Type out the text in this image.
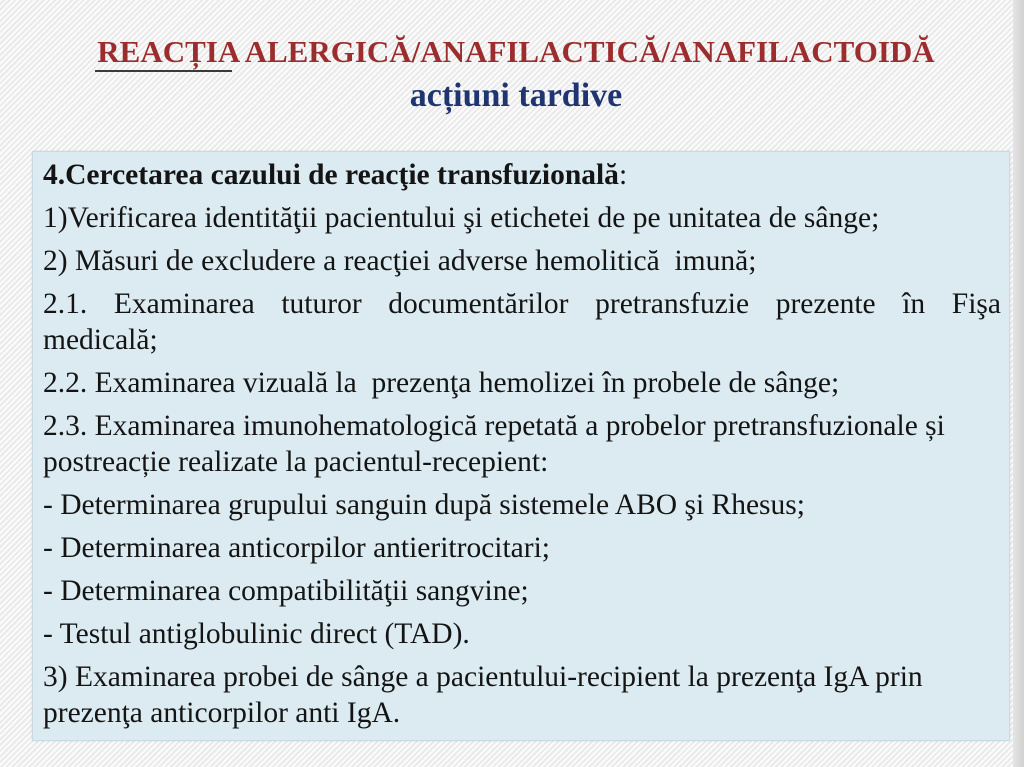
REACȚIA ALERGICĂ/ANAFILACTICĂ/ANAFILACTOIDĂ
acțiuni tardive

4.Cercetarea cazului de reacţie transfuzională:

1)Verificarea identităţii pacientului şi etichetei de pe unitatea de sânge;

2) Măsuri de excludere a reacţiei adverse hemolitică  imună;

2.1. Examinarea tuturor documentărilor pretransfuzie prezente în Fişa
medicală;

2.2. Examinarea vizuală la  prezenţa hemolizei în probele de sânge;

2.3. Examinarea imunohematologică repetată a probelor pretransfuzionale și
postreacție realizate la pacientul-recepient:

- Determinarea grupului sanguin după sistemele ABO şi Rhesus;

- Determinarea anticorpilor antieritrocitari;

- Determinarea compatibilităţii sangvine;

- Testul antiglobulinic direct (TAD).

3) Examinarea probei de sânge a pacientului-recipient la prezenţa IgA prin
prezenţa anticorpilor anti IgA.
